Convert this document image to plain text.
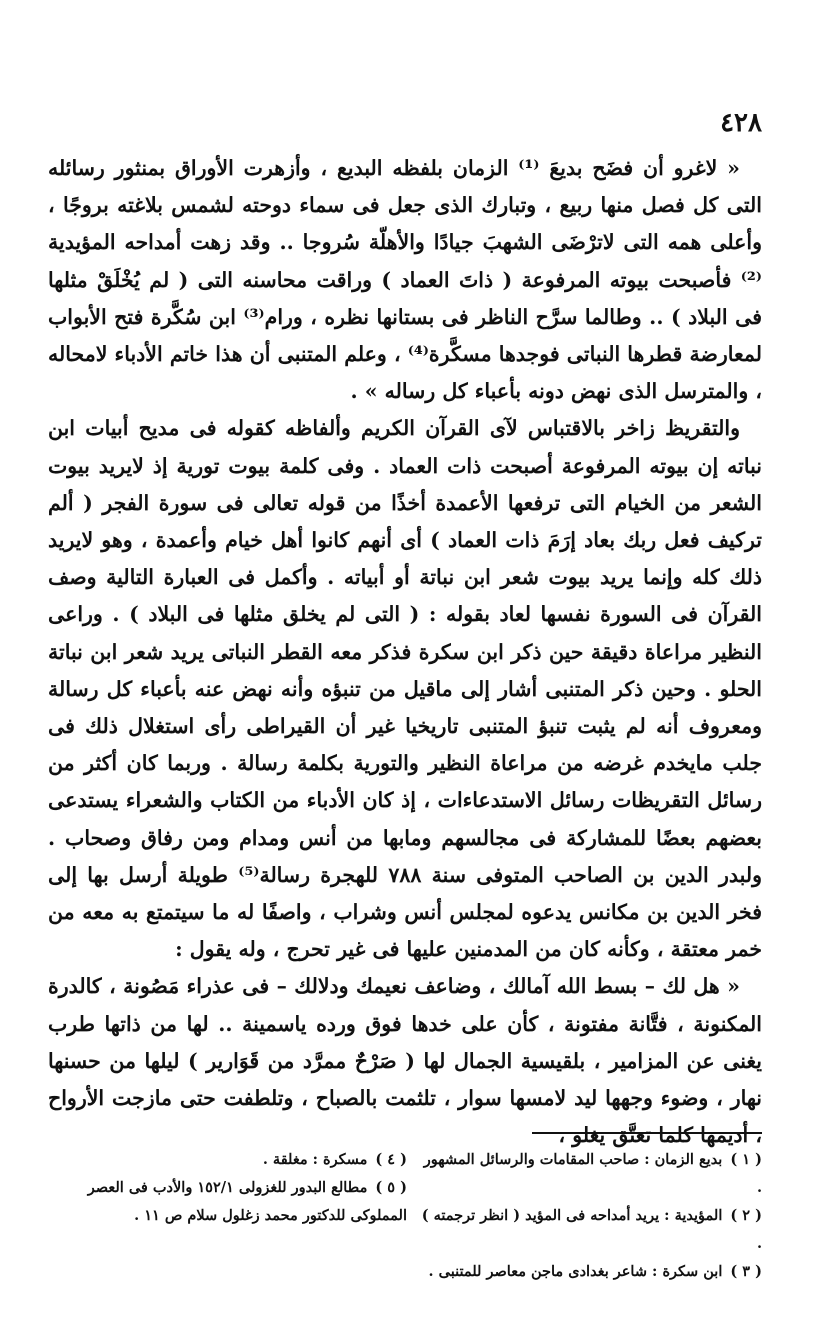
٤٢٨

« لاغرو أن فضَح بديعَ ⁽¹⁾ الزمان بلفظه البديع ، وأزهرت الأوراق بمنثور رسائله التى كل فصل منها ربيع ، وتبارك الذى جعل فى سماء دوحته لشمس بلاغته بروجًا ، وأعلى همه التى لاترْضَى الشهبَ جيادًا والأهلّة سُروجا .. وقد زهت أمداحه المؤيدية ⁽²⁾ فأصبحت بيوته المرفوعة ( ذاتَ العماد ) وراقت محاسنه التى ( لم يُخْلَقْ مثلها فى البلاد ) .. وطالما سرَّح الناظر فى بستانها نظره ، ورام⁽³⁾ ابن سُكَّرة فتح الأبواب لمعارضة قطرها النباتى فوجدها مسكَّرة⁽⁴⁾ ، وعلم المتنبى أن هذا خاتم الأدباء لامحاله ، والمترسل الذى نهض دونه بأعباء كل رساله » .

والتقريظ زاخر بالاقتباس لآى القرآن الكريم وألفاظه كقوله فى مديح أبيات ابن نباته إن بيوته المرفوعة أصبحت ذات العماد . وفى كلمة بيوت تورية إذ لايريد بيوت الشعر من الخيام التى ترفعها الأعمدة أخذًا من قوله تعالى فى سورة الفجر ( ألم تركيف فعل ربك بعاد إرَمَ ذات العماد ) أى أنهم كانوا أهل خيام وأعمدة ، وهو لايريد ذلك كله وإنما يريد بيوت شعر ابن نباتة أو أبياته . وأكمل فى العبارة التالية وصف القرآن فى السورة نفسها لعاد بقوله : ( التى لم يخلق مثلها فى البلاد ) . وراعى النظير مراعاة دقيقة حين ذكر ابن سكرة فذكر معه القطر النباتى يريد شعر ابن نباتة الحلو . وحين ذكر المتنبى أشار إلى ماقيل من تنبؤه وأنه نهض عنه بأعباء كل رسالة ومعروف أنه لم يثبت تنبؤ المتنبى تاريخيا غير أن القيراطى رأى استغلال ذلك فى جلب مايخدم غرضه من مراعاة النظير والتورية بكلمة رسالة . وربما كان أكثر من رسائل التقريظات رسائل الاستدعاءات ، إذ كان الأدباء من الكتاب والشعراء يستدعى بعضهم بعضًا للمشاركة فى مجالسهم ومابها من أنس ومدام ومن رفاق وصحاب . ولبدر الدين بن الصاحب المتوفى سنة ٧٨٨ للهجرة رسالة⁽⁵⁾ طويلة أرسل بها إلى فخر الدين بن مكانس يدعوه لمجلس أنس وشراب ، واصفًا له ما سيتمتع به معه من خمر معتقة ، وكأنه كان من المدمنين عليها فى غير تحرج ، وله يقول :

« هل لك – بسط الله آمالك ، وضاعف نعيمك ودلالك – فى عذراء مَصُونة ، كالدرة المكنونة ، فتَّانة مفتونة ، كأن على خدها فوق ورده ياسمينة .. لها من ذاتها طرب يغنى عن المزامير ، بلقيسية الجمال لها ( صَرْحٌ ممرَّد من قَوَارير ) ليلها من حسنها نهار ، وضوء وجهها ليد لامسها سوار ، تلثمت بالصباح ، وتلطفت حتى مازجت الأرواح ، أديمها كلما تعتَّق يغلو ،

( ١ )بديع الزمان : صاحب المقامات والرسائل المشهور .

( ٢ )المؤيدية : يريد أمداحه فى المؤيد ( انظر ترجمته ) .

( ٣ )ابن سكرة : شاعر بغدادى ماجن معاصر للمتنبى .

( ٤ )مسكرة : مغلقة .

( ٥ )مطالع البدور للغزولى ١٥٢/١ والأدب فى العصر المملوكى للدكتور محمد زغلول سلام ص ١١ .
